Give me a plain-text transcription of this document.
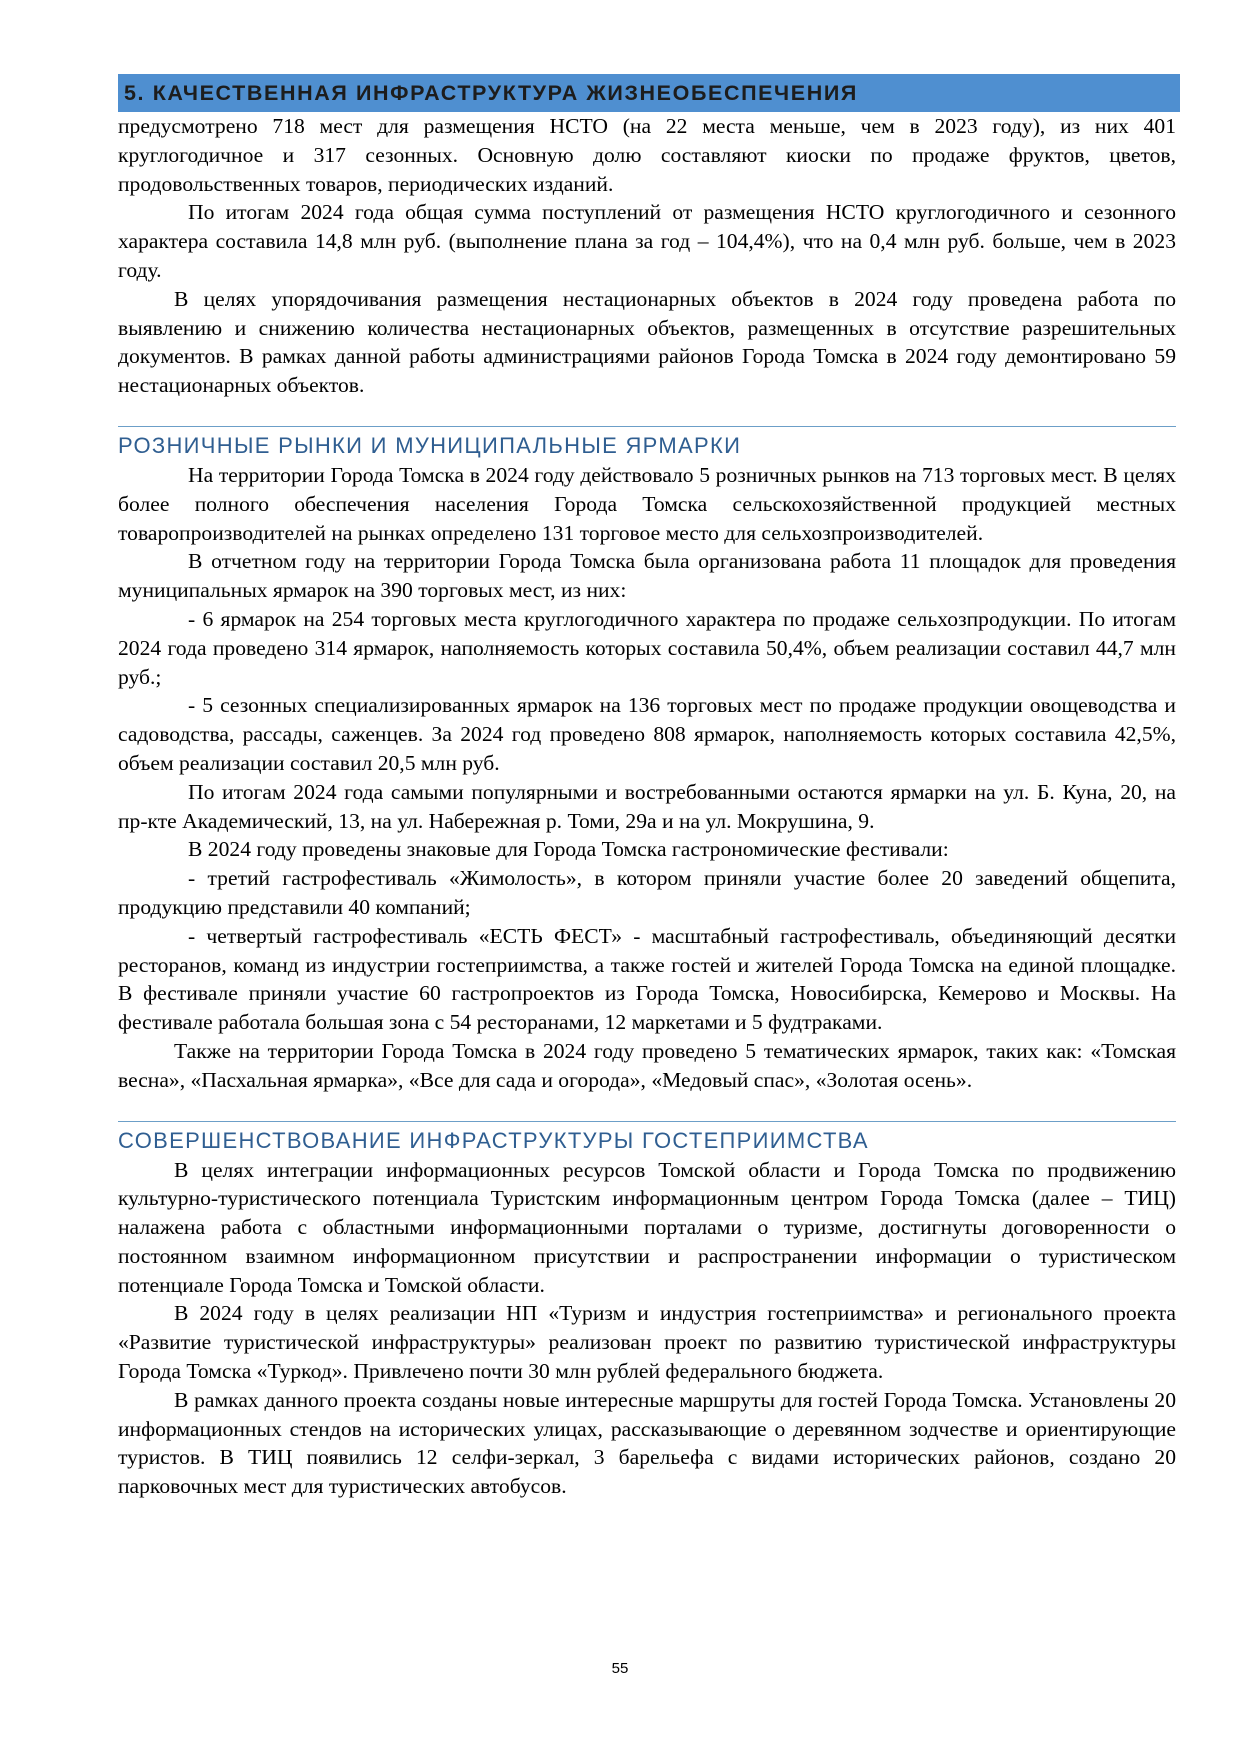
5. КАЧЕСТВЕННАЯ ИНФРАСТРУКТУРА ЖИЗНЕОБЕСПЕЧЕНИЯ

предусмотрено 718 мест для размещения НСТО (на 22 места меньше, чем в 2023 году), из них 401 круглогодичное и 317 сезонных. Основную долю составляют киоски по продаже фруктов, цветов, продовольственных товаров, периодических изданий.

По итогам 2024 года общая сумма поступлений от размещения НСТО круглогодичного и сезонного характера составила 14,8 млн руб. (выполнение плана за год – 104,4%), что на 0,4 млн руб. больше, чем в 2023 году.

В целях упорядочивания размещения нестационарных объектов в 2024 году проведена работа по выявлению и снижению количества нестационарных объектов, размещенных в отсутствие разрешительных документов. В рамках данной работы администрациями районов Города Томска в 2024 году демонтировано 59 нестационарных объектов.

РОЗНИЧНЫЕ РЫНКИ И МУНИЦИПАЛЬНЫЕ ЯРМАРКИ

На территории Города Томска в 2024 году действовало 5 розничных рынков на 713 торговых мест. В целях более полного обеспечения населения Города Томска сельскохозяйственной продукцией местных товаропроизводителей на рынках определено 131 торговое место для сельхозпроизводителей.

В отчетном году на территории Города Томска была организована работа 11 площадок для проведения муниципальных ярмарок на 390 торговых мест, из них:

- 6 ярмарок на 254 торговых места круглогодичного характера по продаже сельхозпродукции. По итогам 2024 года проведено 314 ярмарок, наполняемость которых составила 50,4%, объем реализации составил 44,7 млн руб.;

- 5 сезонных специализированных ярмарок на 136 торговых мест по продаже продукции овощеводства и садоводства, рассады, саженцев. За 2024 год проведено 808 ярмарок, наполняемость которых составила 42,5%, объем реализации составил 20,5 млн руб.

По итогам 2024 года самыми популярными и востребованными остаются ярмарки на ул. Б. Куна, 20, на пр-кте Академический, 13, на ул. Набережная р. Томи, 29а и на ул. Мокрушина, 9.

В 2024 году проведены знаковые для Города Томска гастрономические фестивали:

- третий гастрофестиваль «Жимолость», в котором приняли участие более 20 заведений общепита, продукцию представили 40 компаний;

- четвертый гастрофестиваль «ЕСТЬ ФЕСТ» - масштабный гастрофестиваль, объединяющий десятки ресторанов, команд из индустрии гостеприимства, а также гостей и жителей Города Томска на единой площадке. В фестивале приняли участие 60 гастропроектов из Города Томска, Новосибирска, Кемерово и Москвы. На фестивале работала большая зона с 54 ресторанами, 12 маркетами и 5 фудтраками.

Также на территории Города Томска в 2024 году проведено 5 тематических ярмарок, таких как: «Томская весна», «Пасхальная ярмарка», «Все для сада и огорода», «Медовый спас», «Золотая осень».

СОВЕРШЕНСТВОВАНИЕ ИНФРАСТРУКТУРЫ ГОСТЕПРИИМСТВА

В целях интеграции информационных ресурсов Томской области и Города Томска по продвижению культурно-туристического потенциала Туристским информационным центром Города Томска (далее – ТИЦ) налажена работа с областными информационными порталами о туризме, достигнуты договоренности о постоянном взаимном информационном присутствии и распространении информации о туристическом потенциале Города Томска и Томской области.

В 2024 году в целях реализации НП «Туризм и индустрия гостеприимства» и регионального проекта «Развитие туристической инфраструктуры» реализован проект по развитию туристической инфраструктуры Города Томска «Туркод». Привлечено почти 30 млн рублей федерального бюджета.

В рамках данного проекта созданы новые интересные маршруты для гостей Города Томска. Установлены 20 информационных стендов на исторических улицах, рассказывающие о деревянном зодчестве и ориентирующие туристов. В ТИЦ появились 12 селфи-зеркал, 3 барельефа с видами исторических районов, создано 20 парковочных мест для туристических автобусов.

55
